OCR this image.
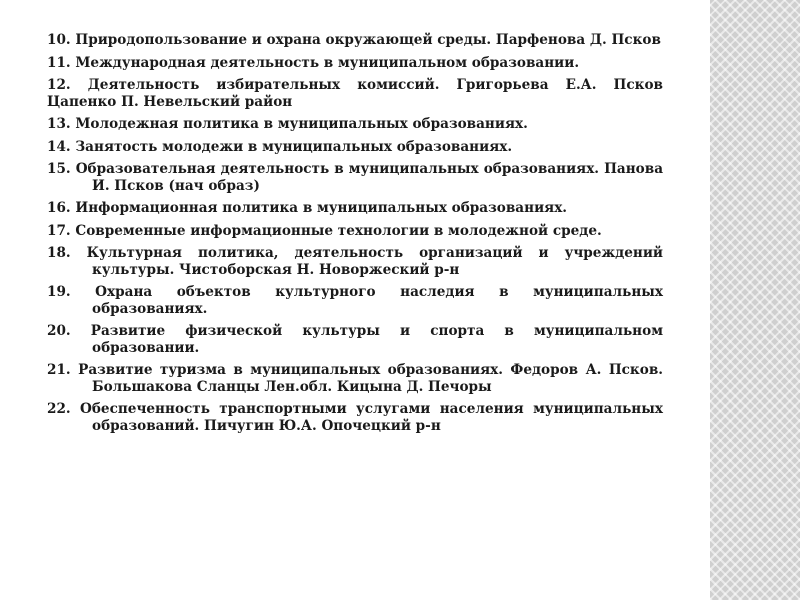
10. Природопользование и охрана окружающей среды. Парфенова Д. Псков

11. Международная деятельность в муниципальном образовании.

12. Деятельность избирательных комиссий. Григорьева Е.А. Псков Цапенко П. Невельский район

13. Молодежная политика в муниципальных образованиях.

14. Занятость молодежи в муниципальных образованиях.

15. Образовательная деятельность в муниципальных образованиях. Панова И. Псков (нач образ)

16. Информационная политика в муниципальных образованиях.

17. Современные информационные технологии в молодежной среде.

18. Культурная политика, деятельность организаций и учреждений культуры. Чистоборская Н. Новоржеский р-н

19. Охрана объектов культурного наследия в муниципальных образованиях.

20. Развитие физической культуры и спорта в муниципальном образовании.

21. Развитие туризма в муниципальных образованиях. Федоров А. Псков. Большакова Сланцы Лен.обл. Кицына Д. Печоры

22. Обеспеченность транспортными услугами населения муниципальных образований. Пичугин Ю.А. Опочецкий р-н
